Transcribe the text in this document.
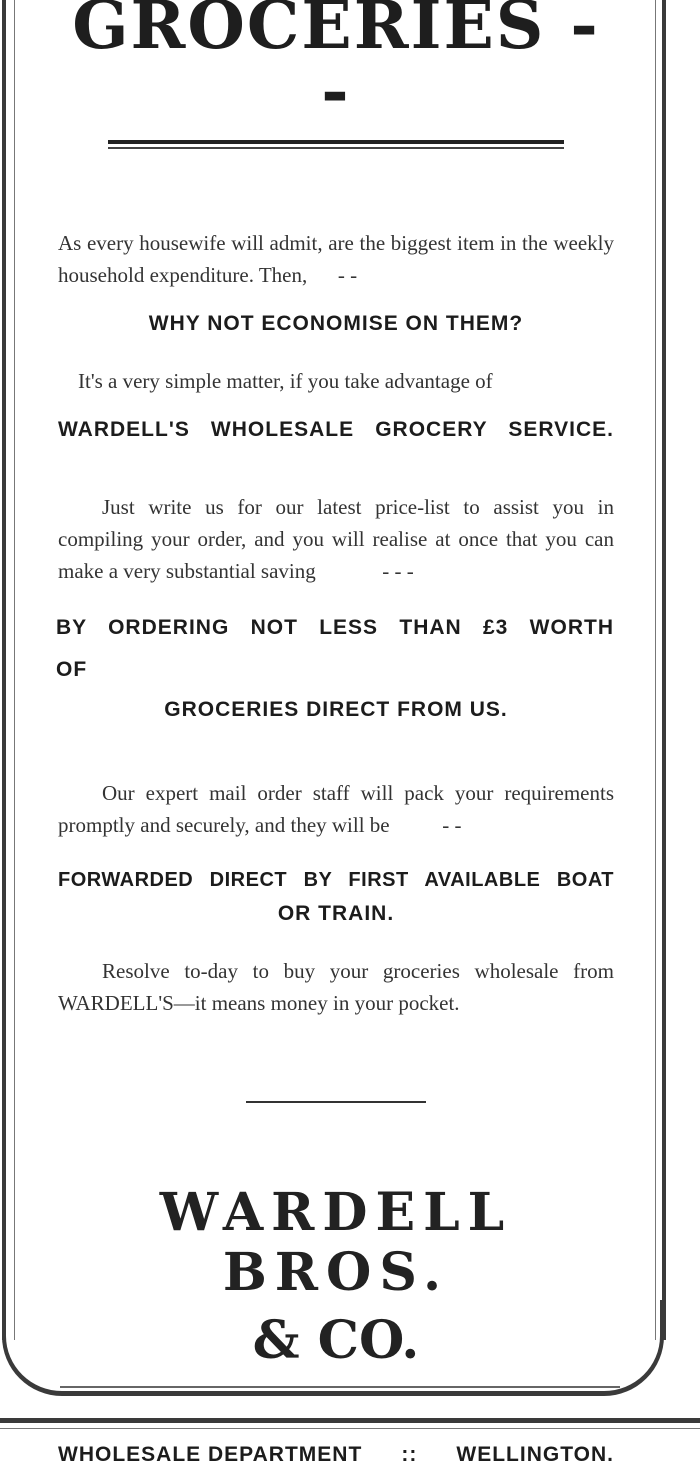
GROCERIES --

As every housewife will admit, are the biggest item in the weekly household expenditure. Then, - -

WHY NOT ECONOMISE ON THEM?

It's a very simple matter, if you take advantage of

WARDELL'S WHOLESALE GROCERY SERVICE.

Just write us for our latest price-list to assist you in compiling your order, and you will realise at once that you can make a very substantial saving	- - -

BY ORDERING NOT LESS THAN £3 WORTH OF

GROCERIES DIRECT FROM US.

Our expert mail order staff will pack your requirements promptly and securely, and they will be	- -

FORWARDED DIRECT BY FIRST AVAILABLE BOAT

OR TRAIN.

Resolve to-day to buy your groceries wholesale from WARDELL'S—it means money in your pocket.

WARDELL BROS.

& CO.

WHOLESALE DEPARTMENT :: WELLINGTON.
